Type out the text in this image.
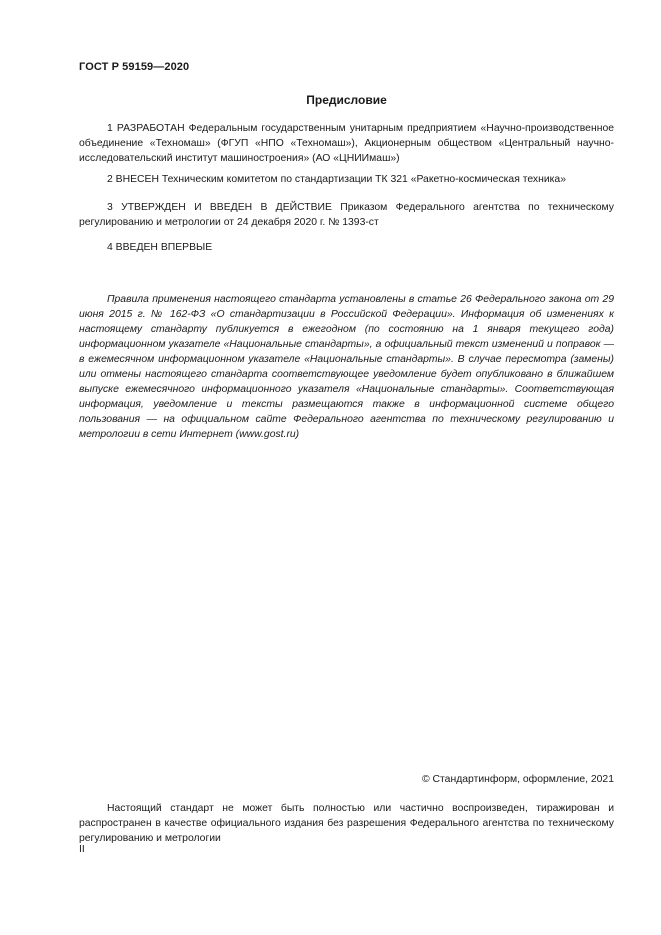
ГОСТ Р 59159—2020
Предисловие

1 РАЗРАБОТАН Федеральным государственным унитарным предприятием «Научно-производственное объединение «Техномаш» (ФГУП «НПО «Техномаш»), Акционерным обществом «Центральный научно-исследовательский институт машиностроения» (АО «ЦНИИмаш»)

2 ВНЕСЕН Техническим комитетом по стандартизации ТК 321 «Ракетно-космическая техника»

3 УТВЕРЖДЕН И ВВЕДЕН В ДЕЙСТВИЕ Приказом Федерального агентства по техническому регулированию и метрологии от 24 декабря 2020 г. № 1393-ст

4 ВВЕДЕН ВПЕРВЫЕ

Правила применения настоящего стандарта установлены в статье 26 Федерального закона от 29 июня 2015 г. № 162-ФЗ «О стандартизации в Российской Федерации». Информация об изменениях к настоящему стандарту публикуется в ежегодном (по состоянию на 1 января текущего года) информационном указателе «Национальные стандарты», а официальный текст изменений и поправок — в ежемесячном информационном указателе «Национальные стандарты». В случае пересмотра (замены) или отмены настоящего стандарта соответствующее уведомление будет опубликовано в ближайшем выпуске ежемесячного информационного указателя «Национальные стандарты». Соответствующая информация, уведомление и тексты размещаются также в информационной системе общего пользования — на официальном сайте Федерального агентства по техническому регулированию и метрологии в сети Интернет (www.gost.ru)

© Стандартинформ, оформление, 2021

Настоящий стандарт не может быть полностью или частично воспроизведен, тиражирован и распространен в качестве официального издания без разрешения Федерального агентства по техническому регулированию и метрологии

II
